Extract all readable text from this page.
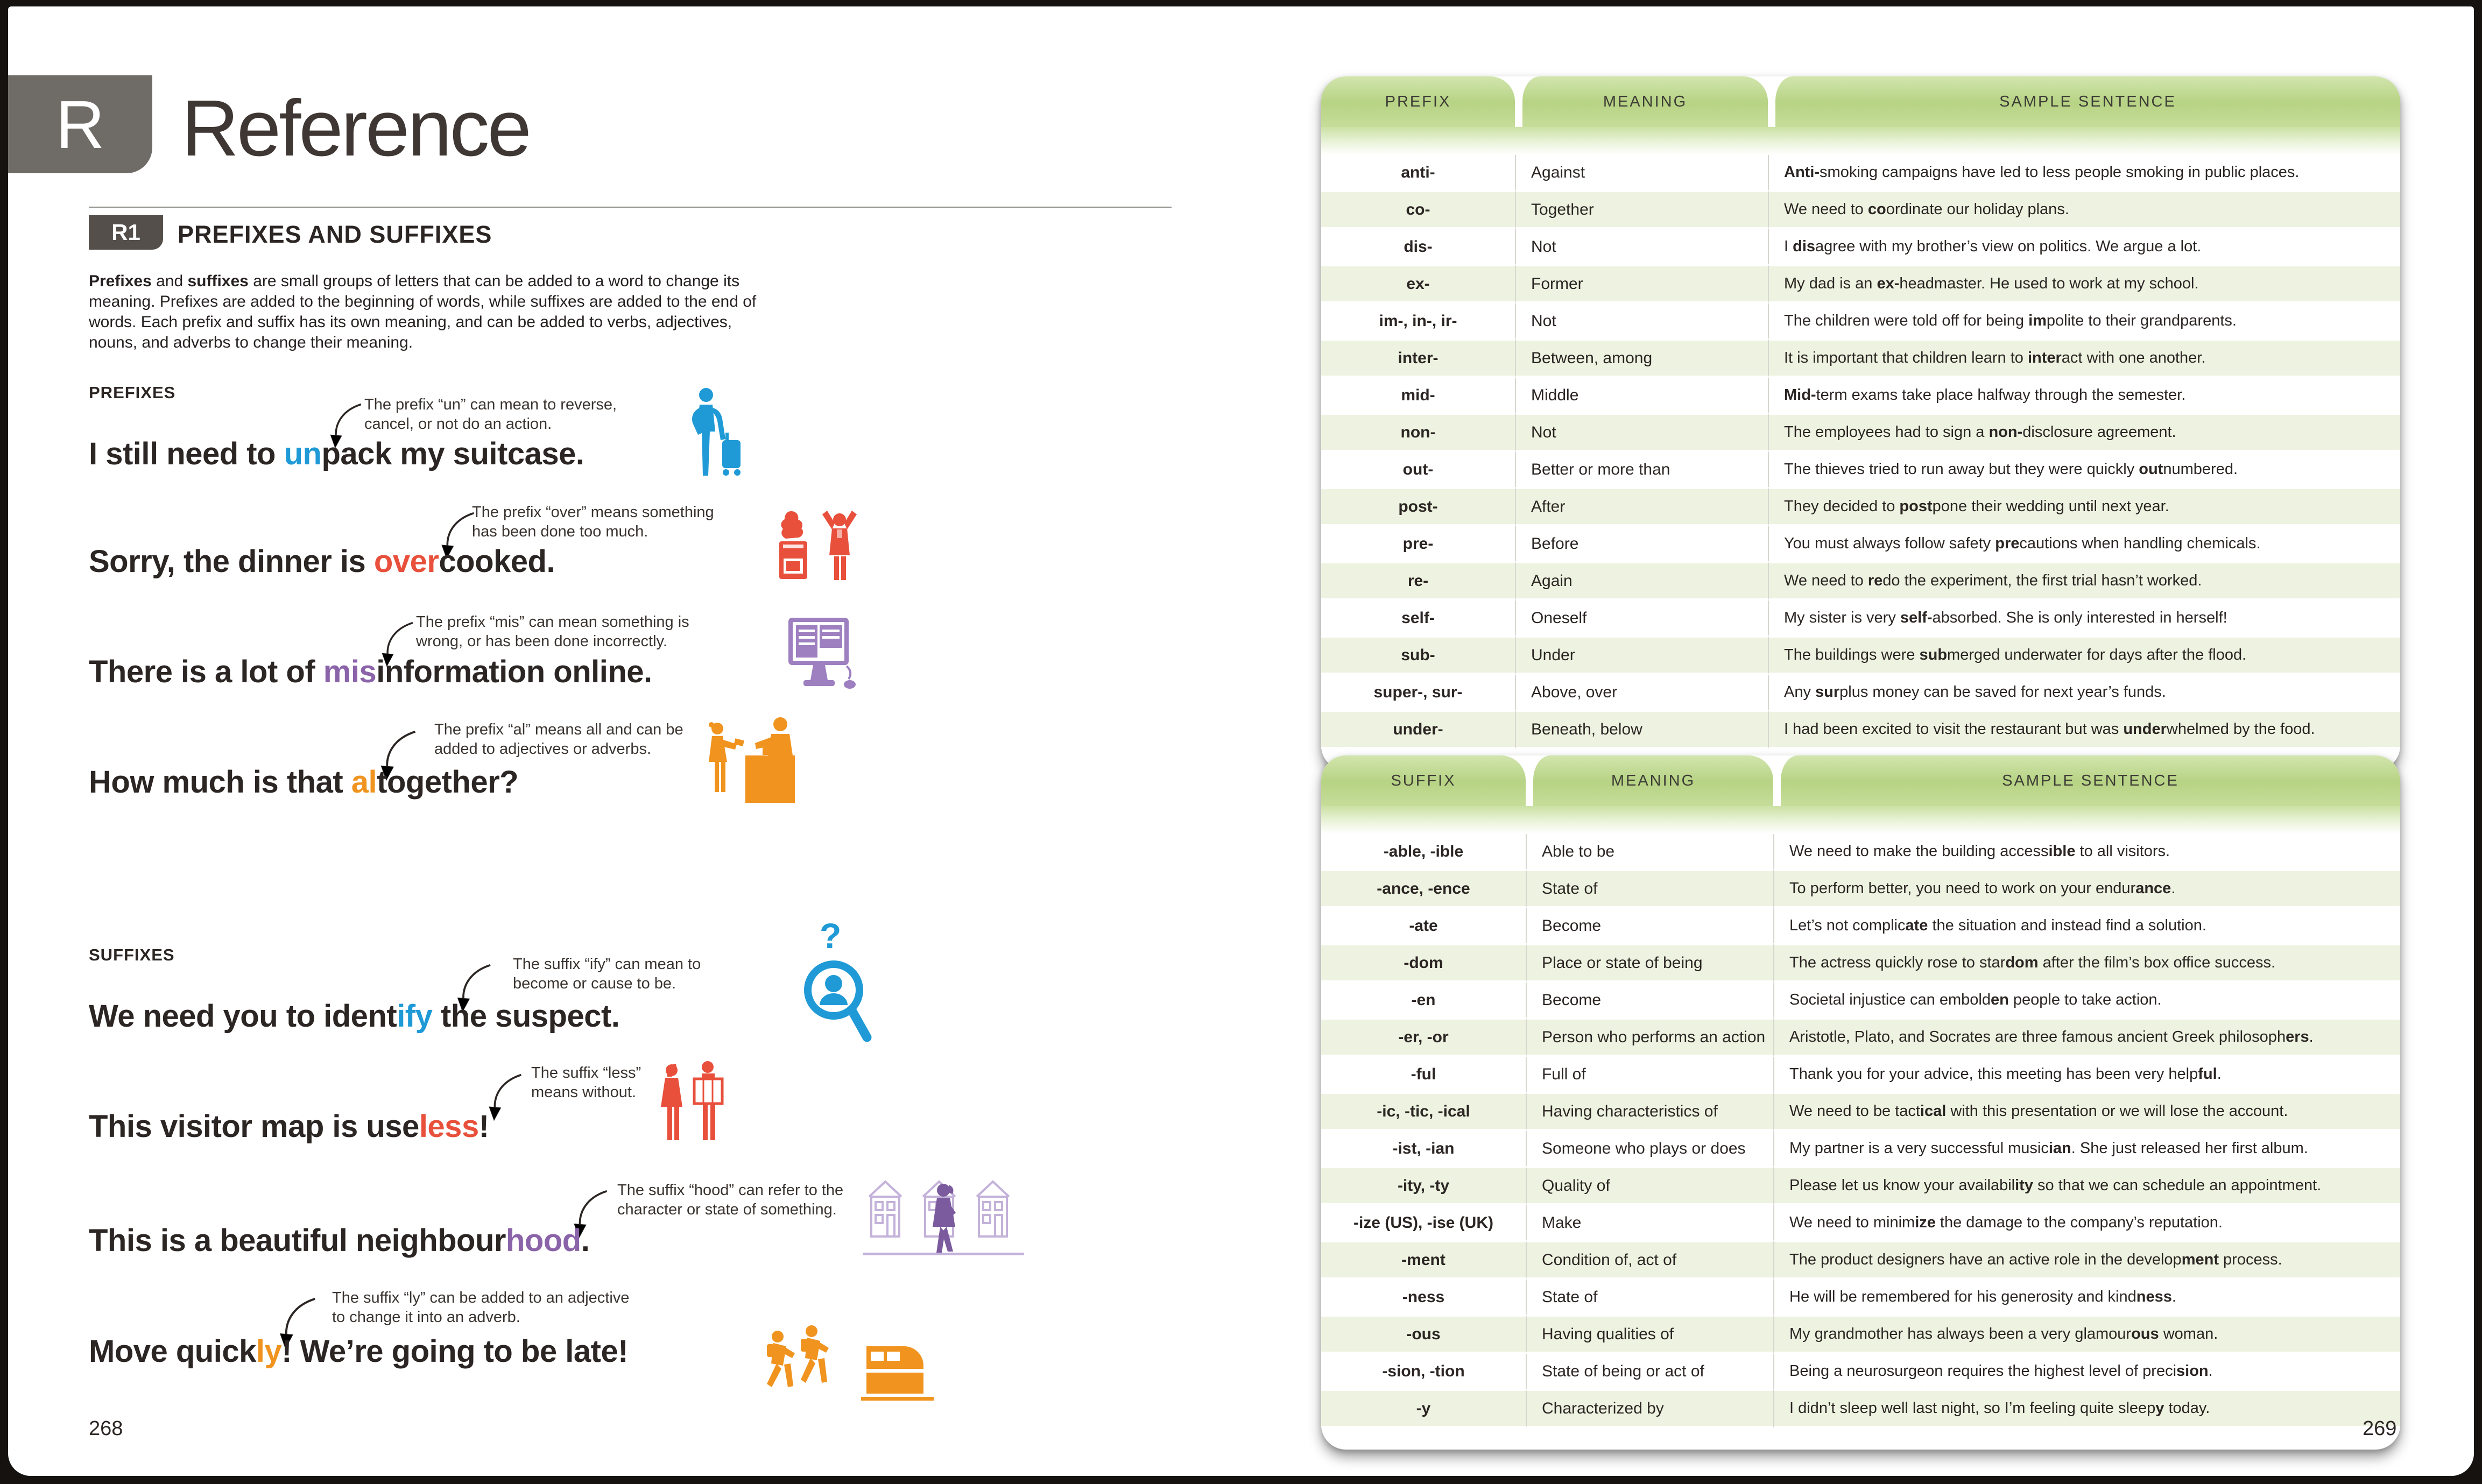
R Reference
R1	PREFIXES AND SUFFIXES

Prefixes and suffixes are small groups of letters that can be added to a word to change its meaning. Prefixes are added to the beginning of words, while suffixes are added to the end of words. Each prefix and suffix has its own meaning, and can be added to verbs, adjectives, nouns, and adverbs to change their meaning.

PREFIXES
The prefix “un” can mean to reverse, cancel, or not do an action.
I still need to unpack my suitcase.
The prefix “over” means something has been done too much.
Sorry, the dinner is overcooked.
The prefix “mis” can mean something is wrong, or has been done incorrectly.
There is a lot of misinformation online.
The prefix “al” means all and can be added to adjectives or adverbs.
How much is that altogether?
SUFFIXES	The suffix “ify” can mean to become or cause to be.
We need you to identify the suspect.
?
The suffix “less” means without.
This visitor map is useless!
The suffix “hood” can refer to the character or state of something.
This is a beautiful neighbourhood.
The suffix “ly” can be added to an adjective to change it into an adverb.
Move quickly! We’re going to be late!
268
PREFIX	MEANING	SAMPLE SENTENCE

anti-	Against	Anti-smoking campaigns have led to less people smoking in public places.
co-	Together	We need to coordinate our holiday plans.
dis-	Not	I disagree with my brother’s view on politics. We argue a lot.
ex-	Former	My dad is an ex-headmaster. He used to work at my school.
im-, in-, ir-	Not	The children were told off for being impolite to their grandparents.
inter-	Between, among	It is important that children learn to interact with one another.
mid-	Middle	Mid-term exams take place halfway through the semester.
non-	Not	The employees had to sign a non-disclosure agreement.
out-	Better or more than	The thieves tried to run away but they were quickly outnumbered.
post-	After	They decided to postpone their wedding until next year.
pre-	Before	You must always follow safety precautions when handling chemicals.
re-	Again	We need to redo the experiment, the first trial hasn’t worked.
self-	Oneself	My sister is very self-absorbed. She is only interested in herself!
sub-	Under	The buildings were submerged underwater for days after the flood.
super-, sur-	Above, over	Any surplus money can be saved for next year’s funds.
under-	Beneath, below	I had been excited to visit the restaurant but was underwhelmed by the food.
SUFFIX	MEANING	SAMPLE SENTENCE

-able, -ible	Able to be	We need to make the building accessible to all visitors.
-ance, -ence	State of	To perform better, you need to work on your endurance.
-ate	Become	Let’s not complicate the situation and instead find a solution.
-dom	Place or state of being	The actress quickly rose to stardom after the film’s box office success.
-en	Become	Societal injustice can embolden people to take action.
-er, -or	Person who performs an action	Aristotle, Plato, and Socrates are three famous ancient Greek philosophers.
-ful	Full of	Thank you for your advice, this meeting has been very helpful.
-ic, -tic, -ical	Having characteristics of	We need to be tactical with this presentation or we will lose the account.
-ist, -ian	Someone who plays or does	My partner is a very successful musician. She just released her first album.
-ity, -ty	Quality of	Please let us know your availability so that we can schedule an appointment.
-ize (US), -ise (UK)	Make	We need to minimize the damage to the company’s reputation.
-ment	Condition of, act of	The product designers have an active role in the development process.
-ness	State of	He will be remembered for his generosity and kindness.
-ous	Having qualities of	My grandmother has always been a very glamourous woman.
-sion, -tion	State of being or act of	Being a neurosurgeon requires the highest level of precision.
-y	Characterized by	I didn’t sleep well last night, so I’m feeling quite sleepy today.
269
